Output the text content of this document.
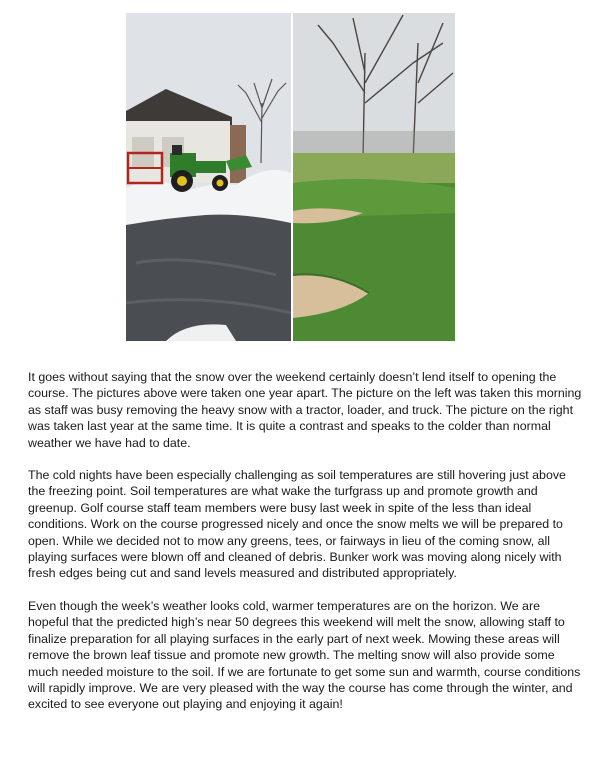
It goes without saying that the snow over the weekend certainly doesn’t lend itself to opening the course. The pictures above were taken one year apart. The picture on the left was taken this morning as staff was busy removing the heavy snow with a tractor, loader, and truck. The picture on the right was taken last year at the same time. It is quite a contrast and speaks to the colder than normal weather we have had to date.

The cold nights have been especially challenging as soil temperatures are still hovering just above the freezing point. Soil temperatures are what wake the turfgrass up and promote growth and greenup. Golf course staff team members were busy last week in spite of the less than ideal conditions. Work on the course progressed nicely and once the snow melts we will be prepared to open. While we decided not to mow any greens, tees, or fairways in lieu of the coming snow, all playing surfaces were blown off and cleaned of debris. Bunker work was moving along nicely with fresh edges being cut and sand levels measured and distributed appropriately.

Even though the week’s weather looks cold, warmer temperatures are on the horizon. We are hopeful that the predicted high’s near 50 degrees this weekend will melt the snow, allowing staff to finalize preparation for all playing surfaces in the early part of next week. Mowing these areas will remove the brown leaf tissue and promote new growth. The melting snow will also provide some much needed moisture to the soil. If we are fortunate to get some sun and warmth, course conditions will rapidly improve. We are very pleased with the way the course has come through the winter, and excited to see everyone out playing and enjoying it again!
